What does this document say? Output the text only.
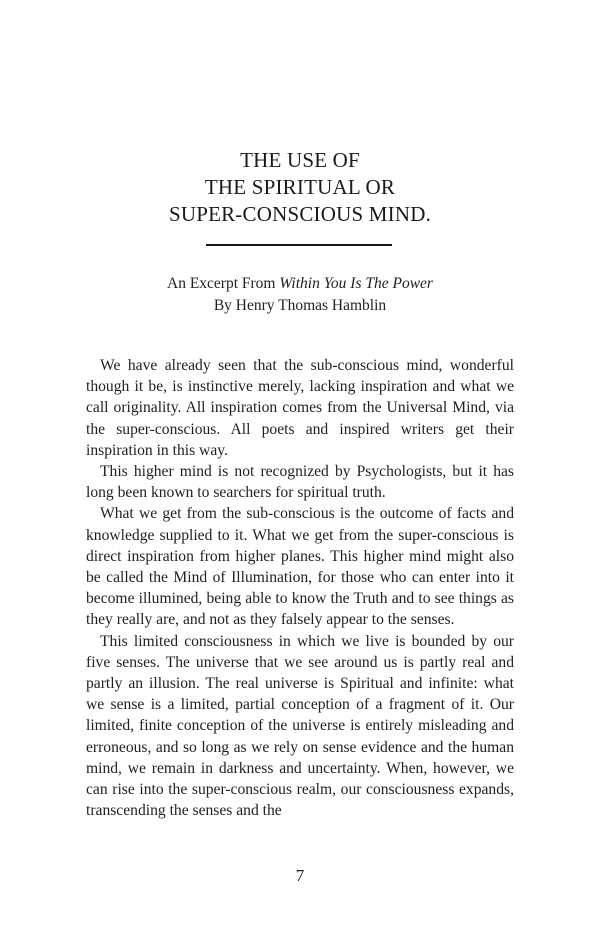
THE USE OF
THE SPIRITUAL OR
SUPER-CONSCIOUS MIND.
An Excerpt From Within You Is The Power
By Henry Thomas Hamblin

We have already seen that the sub-conscious mind, wonderful though it be, is instinctive merely, lacking inspiration and what we call originality. All inspiration comes from the Universal Mind, via the super-conscious. All poets and inspired writers get their inspiration in this way.

This higher mind is not recognized by Psychologists, but it has long been known to searchers for spiritual truth.

What we get from the sub-conscious is the outcome of facts and knowledge supplied to it. What we get from the super-conscious is direct inspiration from higher planes. This higher mind might also be called the Mind of Illumination, for those who can enter into it become illumined, being able to know the Truth and to see things as they really are, and not as they falsely appear to the senses.

This limited consciousness in which we live is bounded by our five senses. The universe that we see around us is partly real and partly an illusion. The real universe is Spiritual and infinite: what we sense is a limited, partial conception of a fragment of it. Our limited, finite conception of the universe is entirely misleading and erroneous, and so long as we rely on sense evidence and the human mind, we remain in darkness and uncertainty. When, however, we can rise into the super-conscious realm, our consciousness expands, transcending the senses and the

7
